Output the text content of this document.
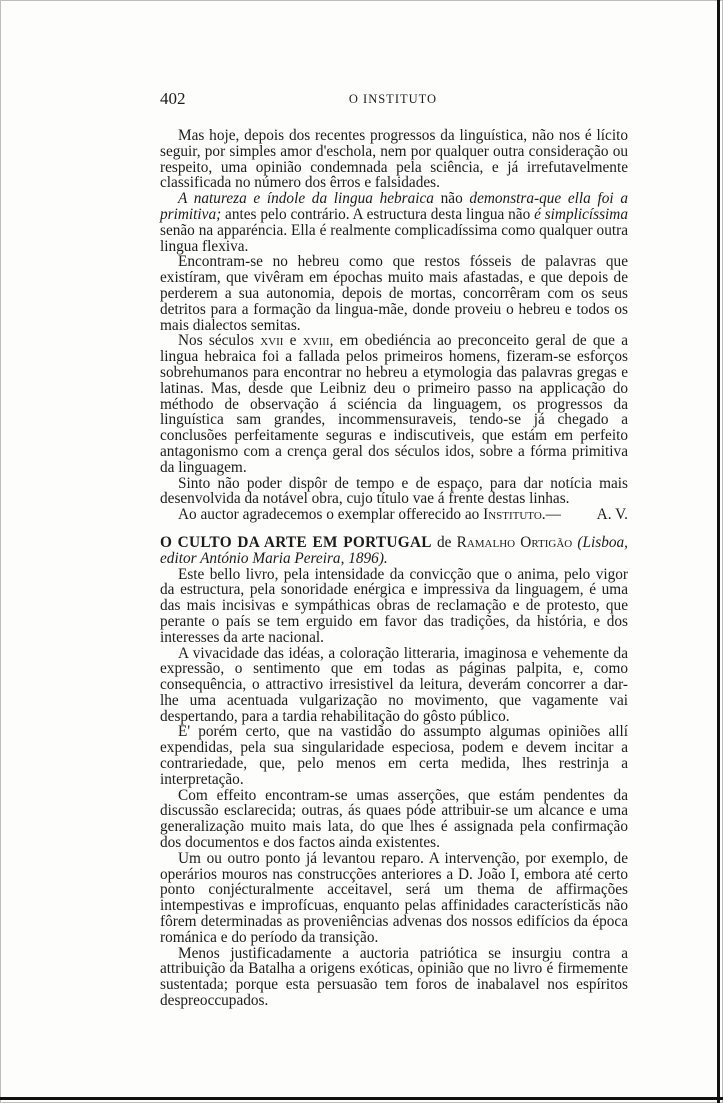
402	O INSTITUTO

Mas hoje, depois dos recentes progressos da linguística, não nos é lícito seguir, por simples amor d'eschola, nem por qualquer outra consideração ou respeito, uma opinião condemnada pela sciência, e já irrefutavelmente classificada no número dos êrros e falsidades.

A natureza e índole da lingua hebraica não demonstra-que ella foi a primitiva; antes pelo contrário. A estructura desta lingua não é simplicíssima senão na apparéncia. Ella é realmente complicadíssima como qualquer outra lingua flexiva.

Encontram-se no hebreu como que restos fósseis de palavras que existíram, que vivêram em épochas muito mais afastadas, e que depois de perderem a sua autonomia, depois de mortas, concorrêram com os seus detritos para a formação da lingua-mãe, donde proveiu o hebreu e todos os mais dialectos semitas.

Nos séculos xvii e xviii, em obediéncia ao preconceito geral de que a lingua hebraica foi a fallada pelos primeiros homens, fizeram-se esforços sobrehumanos para encontrar no hebreu a etymologia das palavras gregas e latinas. Mas, desde que Leibniz deu o primeiro passo na applicação do méthodo de observação á sciéncia da linguagem, os progressos da linguística sam grandes, incommensuraveis, tendo-se já chegado a conclusões perfeitamente seguras e indiscutiveis, que estám em perfeito antagonismo com a crença geral dos séculos idos, sobre a fórma primitiva da linguagem.

Sinto não poder dispôr de tempo e de espaço, para dar notícia mais desenvolvida da notável obra, cujo título vae á frente destas linhas.

Ao auctor agradecemos o exemplar offerecido ao Instituto.—	A. V.

O CULTO DA ARTE EM PORTUGAL de Ramalho Ortigão (Lisboa, editor António Maria Pereira, 1896).

Este bello livro, pela intensidade da convicção que o anima, pelo vigor da estructura, pela sonoridade enérgica e impressiva da linguagem, é uma das mais incisivas e sympáthicas obras de reclamação e de protesto, que perante o país se tem erguido em favor das tradições, da história, e dos interesses da arte nacional.

A vivacidade das idéas, a coloração litteraria, imaginosa e vehemente da expressão, o sentimento que em todas as páginas palpita, e, como consequência, o attractivo irresistivel da leitura, deverám concorrer a dar-lhe uma acentuada vulgarização no movimento, que vagamente vai despertando, para a tardia rehabilitação do gôsto público.

E' porém certo, que na vastidão do assumpto algumas opiniões allí expendidas, pela sua singularidade especiosa, podem e devem incitar a contrariedade, que, pelo menos em certa medida, lhes restrinja a interpretação.

Com effeito encontram-se umas asserções, que estám pendentes da discussão esclarecida; outras, ás quaes póde attribuir-se um alcance e uma generalização muito mais lata, do que lhes é assignada pela confirmação dos documentos e dos factos ainda existentes.

Um ou outro ponto já levantou reparo. A intervenção, por exemplo, de operários mouros nas construcções anteriores a D. João I, embora até certo ponto conjécturalmente acceitavel, será um thema de affirmações intempestivas e improfícuas, enquanto pelas affinidades característicăs não fôrem determinadas as proveniências advenas dos nossos edifícios da época románica e do período da transição.

Menos justificadamente a auctoria patriótica se insurgiu contra a attribuição da Batalha a origens exóticas, opinião que no livro é firmemente sustentada; porque esta persuasão tem foros de inabalavel nos espíritos despreoccupados.
